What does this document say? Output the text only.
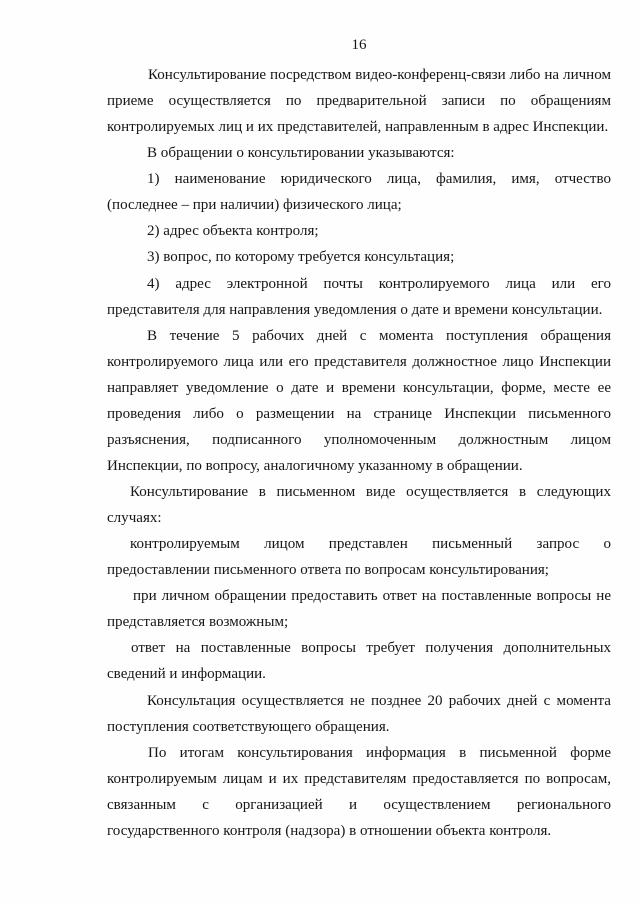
16
Консультирование посредством видео-конференц-связи либо на личном
приеме осуществляется по предварительной записи по обращениям
контролируемых лиц и их представителей, направленным в адрес Инспекции.
В обращении о консультировании указываются:
1) наименование юридического лица, фамилия, имя, отчество
(последнее – при наличии) физического лица;
2) адрес объекта контроля;
3) вопрос, по которому требуется консультация;
4) адрес электронной почты контролируемого лица или его
представителя для направления уведомления о дате и времени консультации.
В течение 5 рабочих дней с момента поступления обращения
контролируемого лица или его представителя должностное лицо Инспекции
направляет уведомление о дате и времени консультации, форме, месте ее
проведения либо о размещении на странице Инспекции письменного
разъяснения, подписанного уполномоченным должностным лицом
Инспекции, по вопросу, аналогичному указанному в обращении.
Консультирование в письменном виде осуществляется в следующих
случаях:
контролируемым лицом представлен письменный запрос о
предоставлении письменного ответа по вопросам консультирования;
при личном обращении предоставить ответ на поставленные вопросы не
представляется возможным;
ответ на поставленные вопросы требует получения дополнительных
сведений и информации.
Консультация осуществляется не позднее 20 рабочих дней с момента
поступления соответствующего обращения.
По итогам консультирования информация в письменной форме
контролируемым лицам и их представителям предоставляется по вопросам,
связанным с организацией и осуществлением регионального
государственного контроля (надзора) в отношении объекта контроля.
